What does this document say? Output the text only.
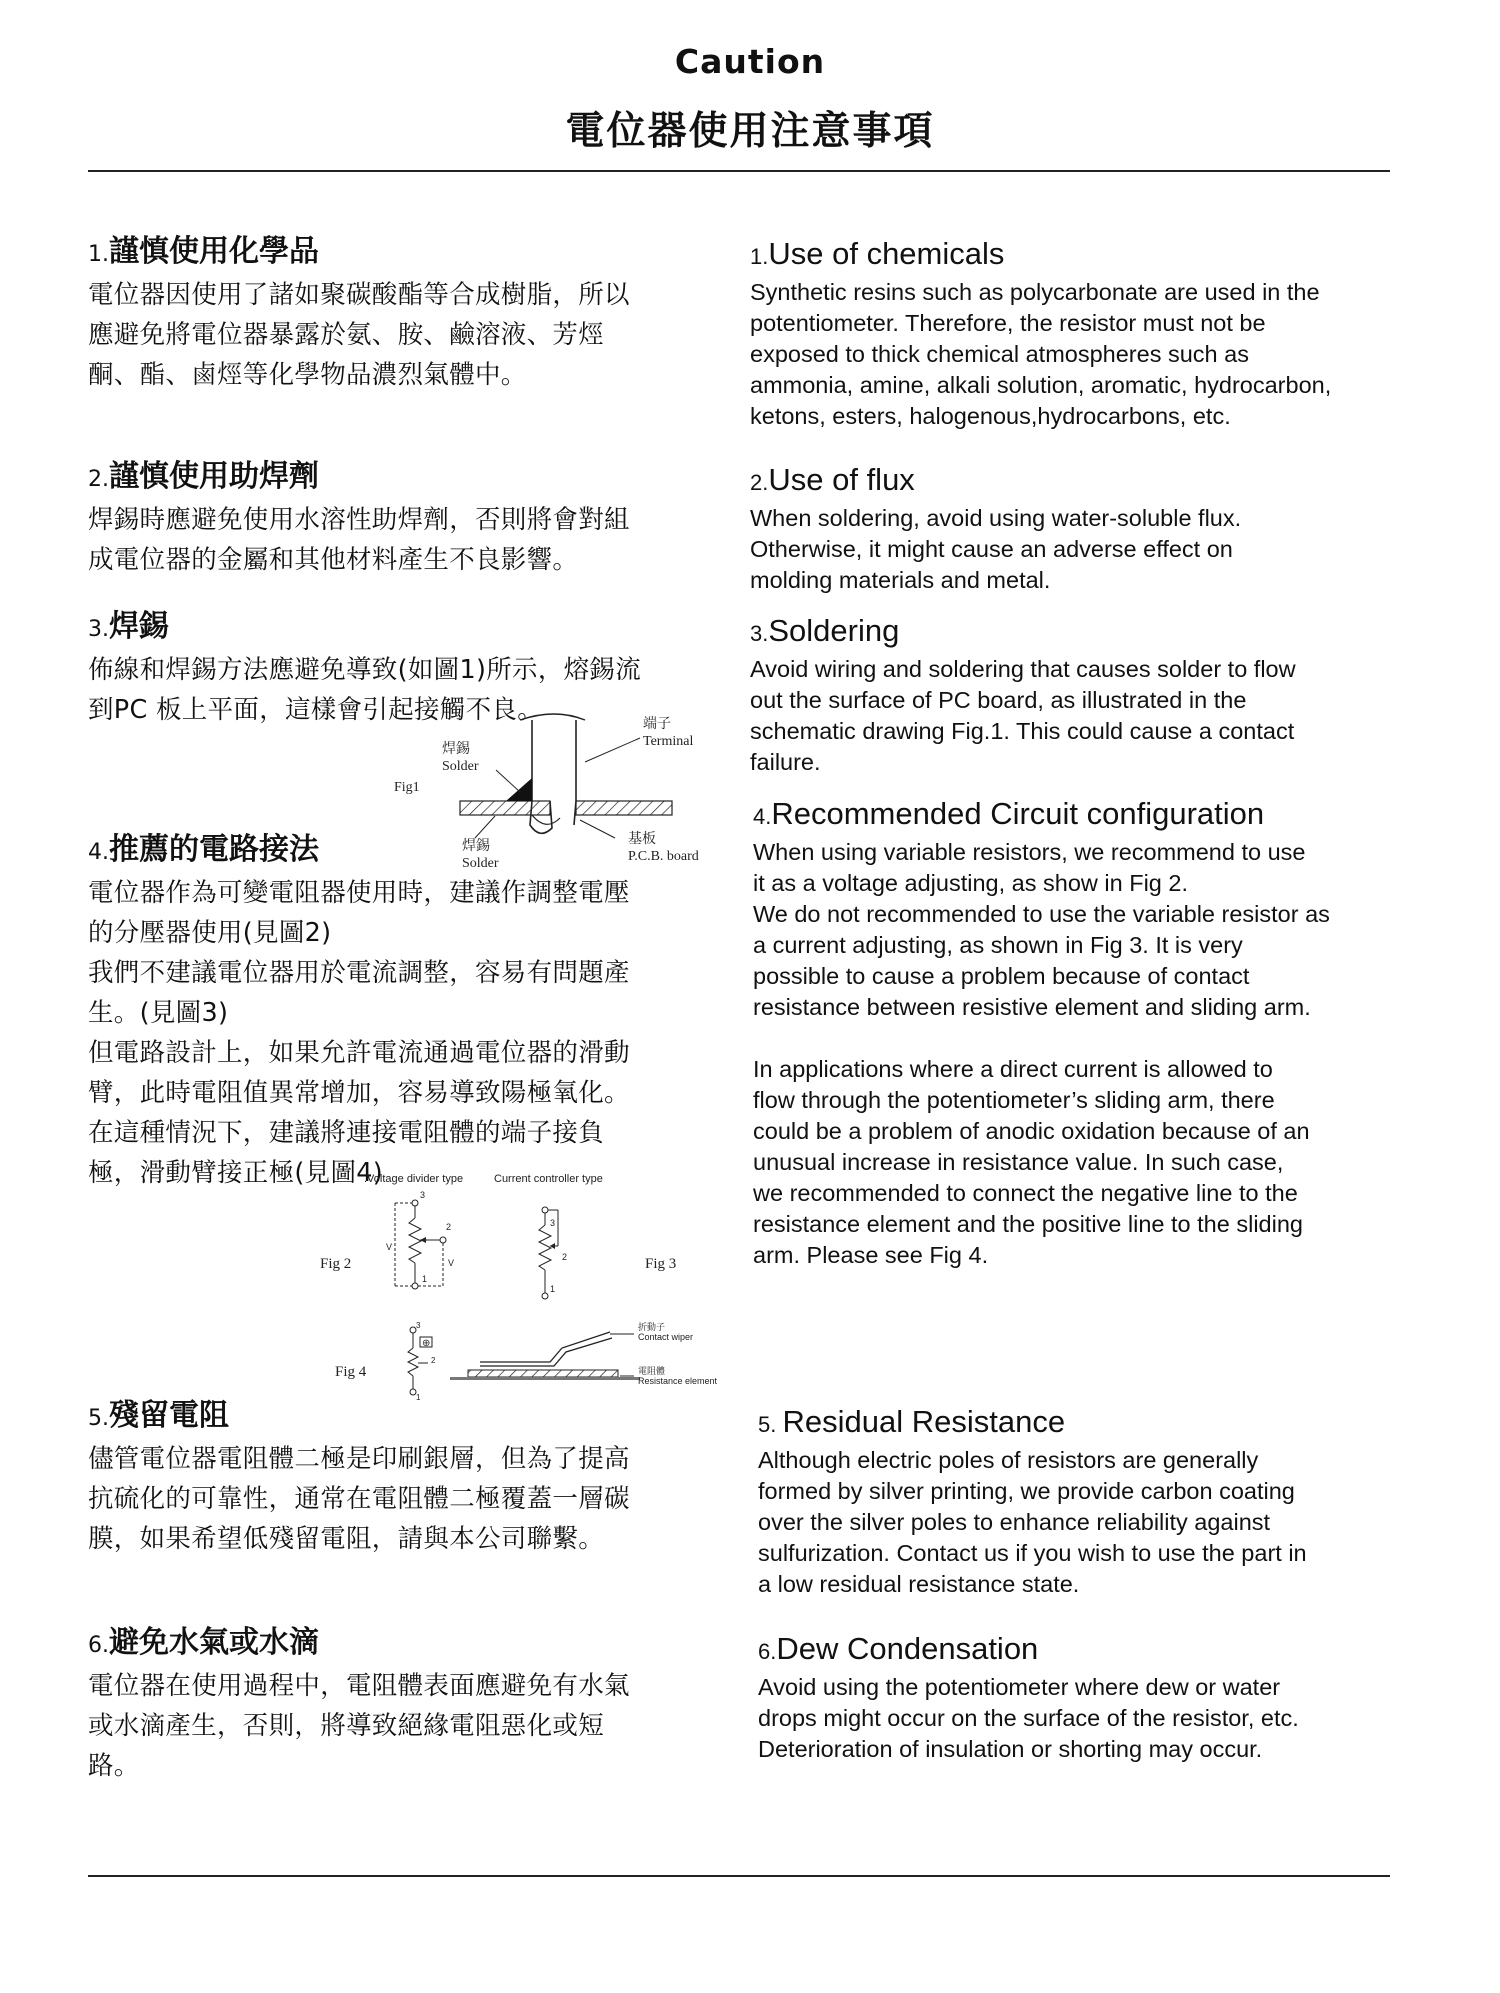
Caution
電位器使用注意事項
1.謹慎使用化學品

電位器因使用了諸如聚碳酸酯等合成樹脂，所以
應避免將電位器暴露於氨、胺、鹼溶液、芳烴
酮、酯、鹵烴等化學物品濃烈氣體中。

2.謹慎使用助焊劑

焊錫時應避免使用水溶性助焊劑，否則將會對組
成電位器的金屬和其他材料產生不良影響。

3.焊錫

佈線和焊錫方法應避免導致(如圖1)所示，熔錫流
到PC 板上平面，這樣會引起接觸不良。

4.推薦的電路接法

電位器作為可變電阻器使用時，建議作調整電壓
的分壓器使用(見圖2)
我們不建議電位器用於電流調整，容易有問題產
生。(見圖3)
但電路設計上，如果允許電流通過電位器的滑動
臂，此時電阻值異常增加，容易導致陽極氧化。
在這種情況下，建議將連接電阻體的端子接負
極，滑動臂接正極(見圖4)

5.殘留電阻

儘管電位器電阻體二極是印刷銀層，但為了提高
抗硫化的可靠性，通常在電阻體二極覆蓋一層碳
膜，如果希望低殘留電阻，請與本公司聯繫。

6.避免水氣或水滴

電位器在使用過程中，電阻體表面應避免有水氣
或水滴產生，否則，將導致絕緣電阻惡化或短
路。

1.Use of chemicals

Synthetic resins such as polycarbonate are used in the
potentiometer. Therefore, the resistor must not be
exposed to thick chemical atmospheres such as
ammonia, amine, alkali solution, aromatic, hydrocarbon,
ketons, esters, halogenous,hydrocarbons, etc.

2.Use of flux

When soldering, avoid using water-soluble flux.
Otherwise, it might cause an adverse effect on
molding materials and metal.

3.Soldering

Avoid wiring and soldering that causes solder to flow
out the surface of PC board, as illustrated in the
schematic drawing Fig.1. This could cause a contact
failure.

4.Recommended Circuit configuration

When using variable resistors, we recommend to use
it as a voltage adjusting, as show in Fig 2.
We do not recommended to use the variable resistor as
a current adjusting, as shown in Fig 3. It is very
possible to cause a problem because of contact
resistance between resistive element and sliding arm.

In applications where a direct current is allowed to
flow through the potentiometer’s sliding arm, there
could be a problem of anodic oxidation because of an
unusual increase in resistance value. In such case,
we recommended to connect the negative line to the
resistance element and the positive line to the sliding
arm. Please see Fig 4.

5. Residual Resistance

Although electric poles of resistors are generally
formed by silver printing, we provide carbon coating
over the silver poles to enhance reliability against
sulfurization. Contact us if you wish to use the part in
a low residual resistance state.

6.Dew Condensation

Avoid using the potentiometer where dew or water
drops might occur on the surface of the resistor, etc.
Deterioration of insulation or shorting may occur.

焊錫
Solder
端子
Terminal
Fig1
焊錫
Solder
基板
P.C.B. board
.Voltage divider type	Current controller type
3
2
1
V
V
Fig 2
3
2
1
Fig 3
Fig 4
⊕
3
2
1
折動子
Contact wiper
電阻體
Resistance element
